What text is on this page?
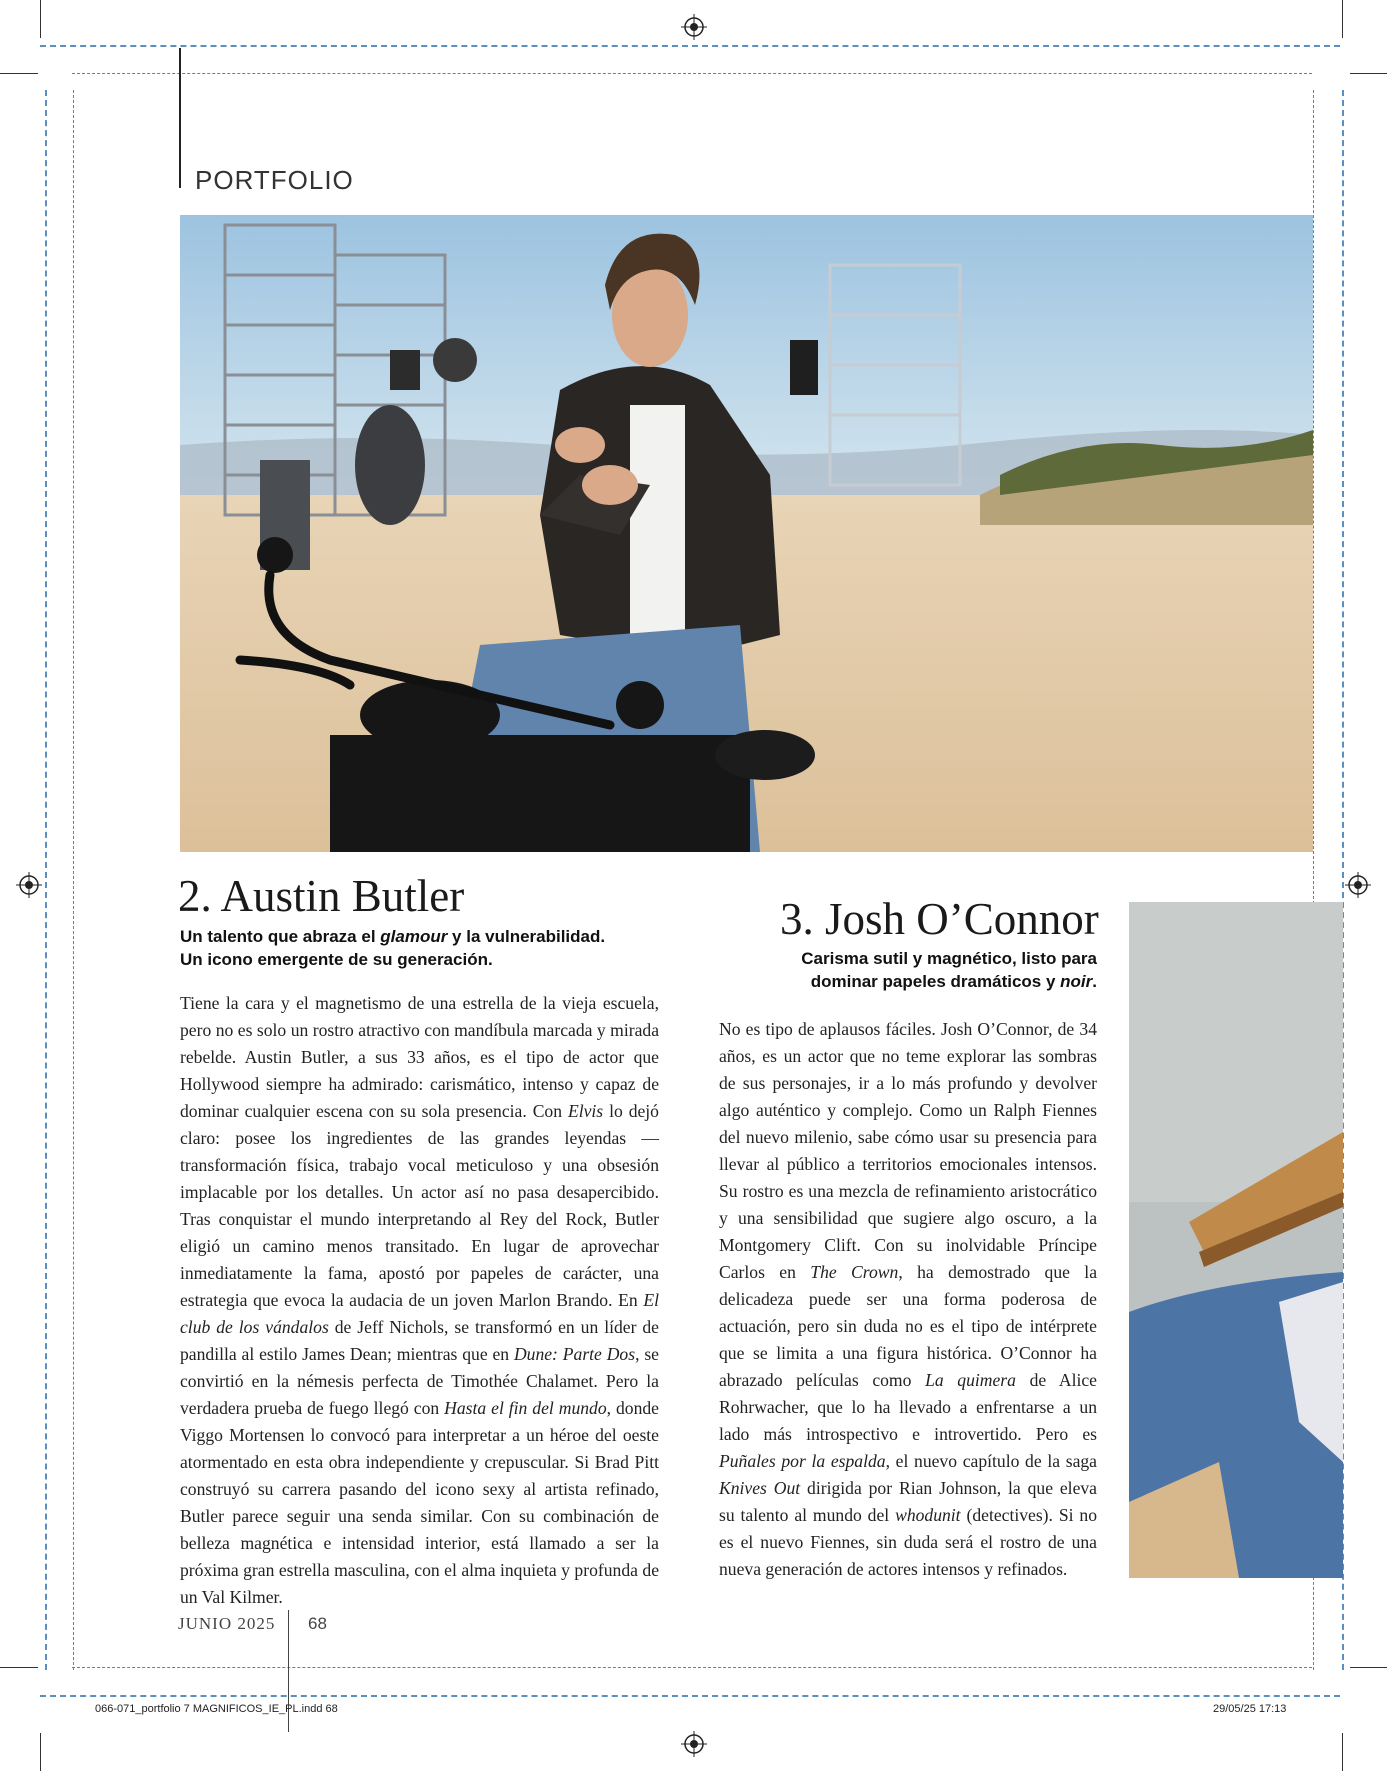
PORTFOLIO
2. Austin Butler
Un talento que abraza el glamour y la vulnerabilidad.
Un icono emergente de su generación.
Tiene la cara y el magnetismo de una estrella de la vieja escuela, pero no es solo un rostro atractivo con mandíbula marcada y mirada rebelde. Austin Butler, a sus 33 años, es el tipo de actor que Hollywood siempre ha admirado: carismático, intenso y capaz de dominar cualquier escena con su sola presencia. Con Elvis lo dejó claro: posee los ingredientes de las grandes leyendas —transformación física, trabajo vocal meticuloso y una obsesión implacable por los detalles. Un actor así no pasa desapercibido. Tras conquistar el mundo interpretando al Rey del Rock, Butler eligió un camino menos transitado. En lugar de aprovechar inmediatamente la fama, apostó por papeles de carácter, una estrategia que evoca la audacia de un joven Marlon Brando. En El club de los vándalos de Jeff Nichols, se transformó en un líder de pandilla al estilo James Dean; mientras que en Dune: Parte Dos, se convirtió en la némesis perfecta de Timothée Chalamet. Pero la verdadera prueba de fuego llegó con Hasta el fin del mundo, donde Viggo Mortensen lo convocó para interpretar a un héroe del oeste atormentado en esta obra independiente y crepuscular. Si Brad Pitt construyó su carrera pasando del icono sexy al artista refinado, Butler parece seguir una senda similar. Con su combinación de belleza magnética e intensidad interior, está llamado a ser la próxima gran estrella masculina, con el alma inquieta y profunda de un Val Kilmer.
3. Josh O’Connor
Carisma sutil y magnético, listo para
dominar papeles dramáticos y noir.
No es tipo de aplausos fáciles. Josh O’Connor, de 34 años, es un actor que no teme explorar las sombras de sus personajes, ir a lo más profundo y devolver algo auténtico y complejo. Como un Ralph Fiennes del nuevo milenio, sabe cómo usar su presencia para llevar al público a territorios emocionales intensos. Su rostro es una mezcla de refinamiento aristocrático y una sensibilidad que sugiere algo oscuro, a la Montgomery Clift. Con su inolvidable Príncipe Carlos en The Crown, ha demostrado que la delicadeza puede ser una forma poderosa de actuación, pero sin duda no es el tipo de intérprete que se limita a una figura histórica. O’Connor ha abrazado películas como La quimera de Alice Rohrwacher, que lo ha llevado a enfrentarse a un lado más introspectivo e introvertido. Pero es Puñales por la espalda, el nuevo capítulo de la saga Knives Out dirigida por Rian Johnson, la que eleva su talento al mundo del whodunit (detectives). Si no es el nuevo Fiennes, sin duda será el rostro de una nueva generación de actores intensos y refinados.
JUNIO 2025 68
066-071_portfolio 7 MAGNIFICOS_IE_PL.indd 68	29/05/25 17:13
